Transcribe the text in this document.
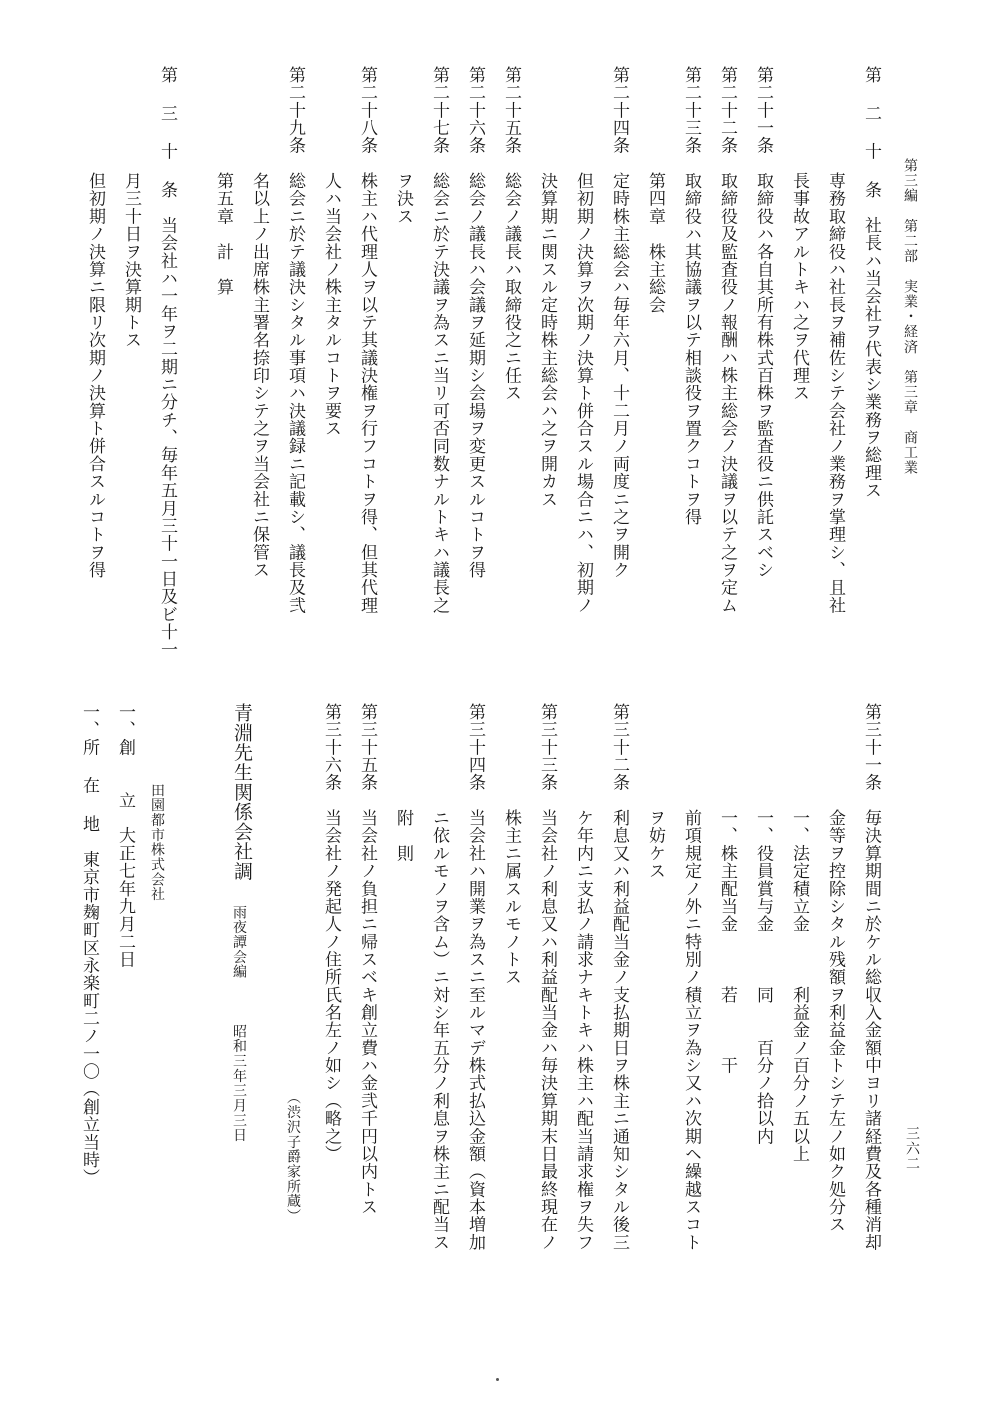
第三編　第二部　実業・経済　第三章　商工業
三六二
第 二 十 条　社長ハ当会社ヲ代表シ業務ヲ総理ス
　　　　　　専務取締役ハ社長ヲ補佐シテ会社ノ業務ヲ掌理シ、且社
　　　　　　長事故アルトキハ之ヲ代理ス
第二十一条　取締役ハ各自其所有株式百株ヲ監査役ニ供託スベシ
第二十二条　取締役及監査役ノ報酬ハ株主総会ノ決議ヲ以テ之ヲ定ム
第二十三条　取締役ハ其協議ヲ以テ相談役ヲ置クコトヲ得
　　　　　　第四章　株主総会
第二十四条　定時株主総会ハ毎年六月、十二月ノ両度ニ之ヲ開ク
　　　　　　但初期ノ決算ヲ次期ノ決算ト併合スル場合ニハ、初期ノ
　　　　　　決算期ニ関スル定時株主総会ハ之ヲ開カス
第二十五条　総会ノ議長ハ取締役之ニ任ス
第二十六条　総会ノ議長ハ会議ヲ延期シ会場ヲ変更スルコトヲ得
第二十七条　総会ニ於テ決議ヲ為スニ当リ可否同数ナルトキハ議長之
　　　　　　ヲ決ス
第二十八条　株主ハ代理人ヲ以テ其議決権ヲ行フコトヲ得、但其代理
　　　　　　人ハ当会社ノ株主タルコトヲ要ス
第二十九条　総会ニ於テ議決シタル事項ハ決議録ニ記載シ、議長及弐
　　　　　　名以上ノ出席株主署名捺印シテ之ヲ当会社ニ保管ス
　　　　　　第五章　計　算
第 三 十 条　当会社ハ一年ヲ二期ニ分チ、毎年五月三十一日及ビ十一
　　　　　　月三十日ヲ決算期トス
　　　　　　但初期ノ決算ニ限リ次期ノ決算ト併合スルコトヲ得
第三十一条　毎決算期間ニ於ケル総収入金額中ヨリ諸経費及各種消却
　　　　　　金等ヲ控除シタル残額ヲ利益金トシテ左ノ如ク処分ス
　　　　　　一、法定積立金　　　利益金ノ百分ノ五以上
　　　　　　一、役員賞与金　　　同　　百分ノ拾以内
　　　　　　一、株主配当金　　　若　　　干
　　　　　　前項規定ノ外ニ特別ノ積立ヲ為シ又ハ次期ヘ繰越スコト
　　　　　　ヲ妨ケス
第三十二条　利息又ハ利益配当金ノ支払期日ヲ株主ニ通知シタル後三
　　　　　　ケ年内ニ支払ノ請求ナキトキハ株主ハ配当請求権ヲ失フ
第三十三条　当会社ノ利息又ハ利益配当金ハ毎決算期末日最終現在ノ
　　　　　　株主ニ属スルモノトス
第三十四条　当会社ハ開業ヲ為スニ至ルマデ株式払込金額（資本増加
　　　　　　ニ依ルモノヲ含ム）ニ対シ年五分ノ利息ヲ株主ニ配当ス
　　　　　　附　則
第三十五条　当会社ノ負担ニ帰スベキ創立費ハ金弐千円以内トス
第三十六条　当会社ノ発起人ノ住所氏名左ノ如シ（略之）
（渋沢子爵家所蔵）
青淵先生関係会社調
雨夜譚会編
昭和三年三月三日
田園都市株式会社
一、創　　立　大正七年九月二日
一、所 在 地　東京市麹町区永楽町二ノ一〇（創立当時）
